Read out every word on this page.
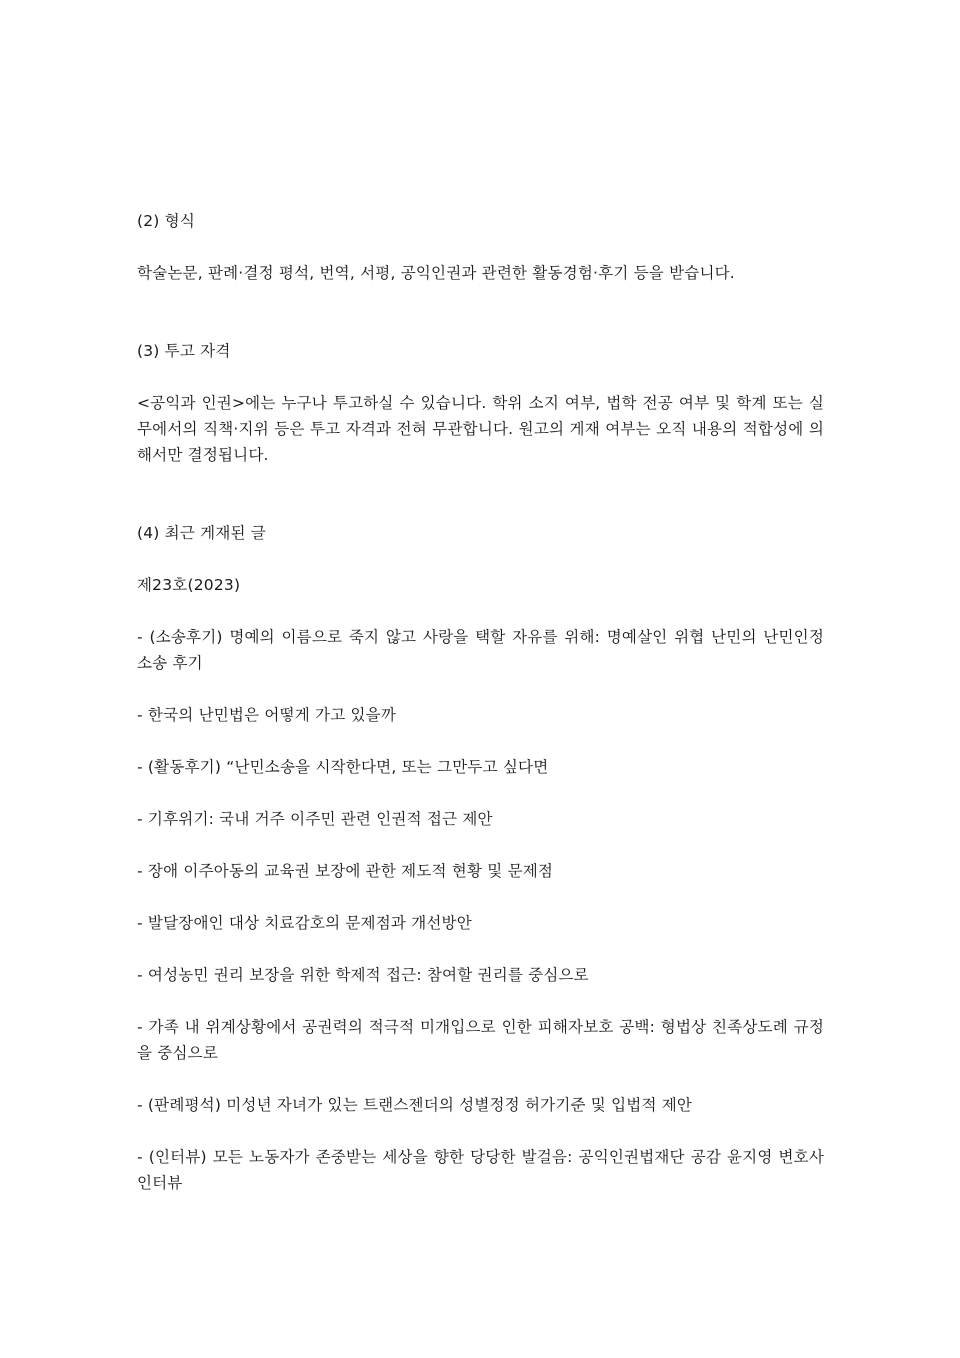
(2) 형식

학술논문, 판례·결정 평석, 번역, 서평, 공익인권과 관련한 활동경험·후기 등을 받습니다.

(3) 투고 자격

<공익과 인권>에는 누구나 투고하실 수 있습니다. 학위 소지 여부, 법학 전공 여부 및 학계 또는 실무에서의 직책·지위 등은 투고 자격과 전혀 무관합니다. 원고의 게재 여부는 오직 내용의 적합성에 의해서만 결정됩니다.

(4) 최근 게재된 글

제23호(2023)

- (소송후기) 명예의 이름으로 죽지 않고 사랑을 택할 자유를 위해: 명예살인 위협 난민의 난민인정 소송 후기
- 한국의 난민법은 어떻게 가고 있을까
- (활동후기) “난민소송을 시작한다면, 또는 그만두고 싶다면
- 기후위기: 국내 거주 이주민 관련 인권적 접근 제안
- 장애 이주아동의 교육권 보장에 관한 제도적 현황 및 문제점
- 발달장애인 대상 치료감호의 문제점과 개선방안
- 여성농민 권리 보장을 위한 학제적 접근: 참여할 권리를 중심으로
- 가족 내 위계상황에서 공권력의 적극적 미개입으로 인한 피해자보호 공백: 형법상 친족상도례 규정을 중심으로
- (판례평석) 미성년 자녀가 있는 트랜스젠더의 성별정정 허가기준 및 입법적 제안
- (인터뷰) 모든 노동자가 존중받는 세상을 향한 당당한 발걸음: 공익인권법재단 공감 윤지영 변호사 인터뷰
